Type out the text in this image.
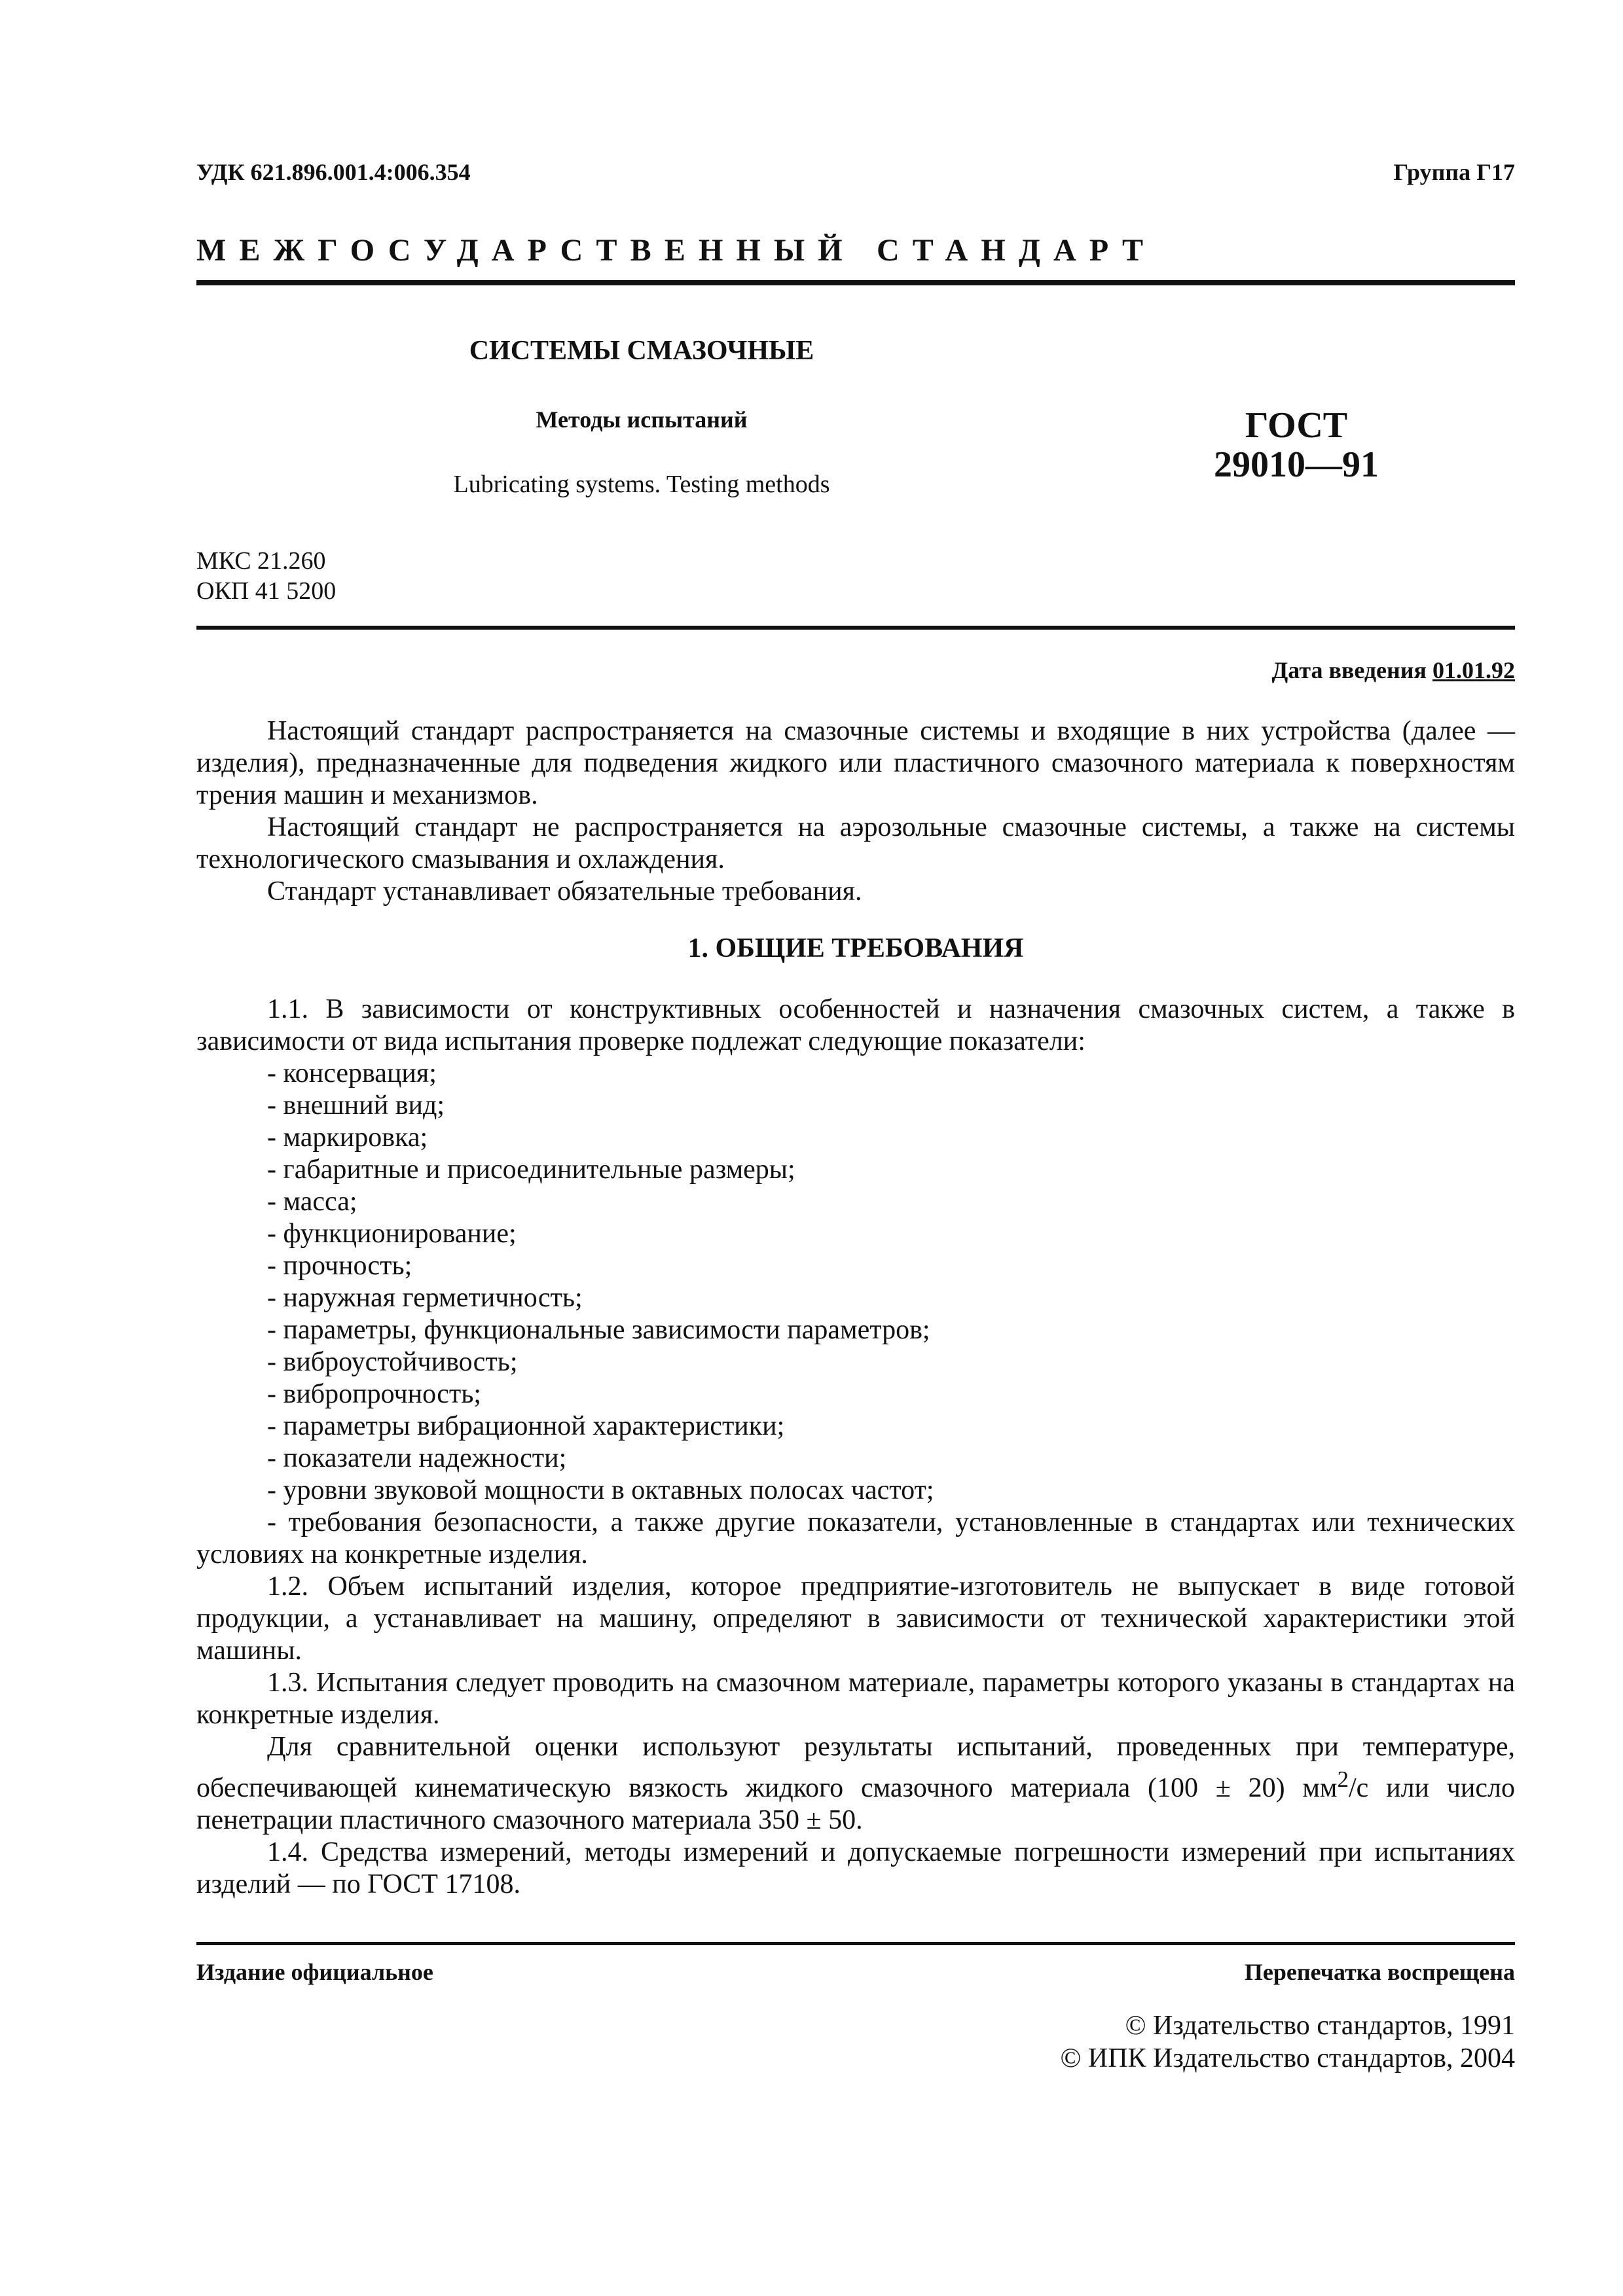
УДК 621.896.001.4:006.354	Группа Г17
МЕЖГОСУДАРСТВЕННЫЙ СТАНДАРТ
СИСТЕМЫ СМАЗОЧНЫЕ
Методы испытаний
Lubricating systems. Testing methods
ГОСТ
29010—91
МКС 21.260
ОКП 41 5200
Дата введения 01.01.92

Настоящий стандарт распространяется на смазочные системы и входящие в них устройства (далее — изделия), предназначенные для подведения жидкого или пластичного смазочного материала к поверхностям трения машин и механизмов.

Настоящий стандарт не распространяется на аэрозольные смазочные системы, а также на системы технологического смазывания и охлаждения.

Стандарт устанавливает обязательные требования.

1. ОБЩИЕ ТРЕБОВАНИЯ

1.1. В зависимости от конструктивных особенностей и назначения смазочных систем, а также в зависимости от вида испытания проверке подлежат следующие показатели:

- консервация;

- внешний вид;

- маркировка;

- габаритные и присоединительные размеры;

- масса;

- функционирование;

- прочность;

- наружная герметичность;

- параметры, функциональные зависимости параметров;

- виброустойчивость;

- вибропрочность;

- параметры вибрационной характеристики;

- показатели надежности;

- уровни звуковой мощности в октавных полосах частот;

- требования безопасности, а также другие показатели, установленные в стандартах или технических условиях на конкретные изделия.

1.2. Объем испытаний изделия, которое предприятие-изготовитель не выпускает в виде готовой продукции, а устанавливает на машину, определяют в зависимости от технической характеристики этой машины.

1.3. Испытания следует проводить на смазочном материале, параметры которого указаны в стандартах на конкретные изделия.

Для сравнительной оценки используют результаты испытаний, проведенных при температуре, обеспечивающей кинематическую вязкость жидкого смазочного материала (100 ± 20) $мм^2/с$ или число пенетрации пластичного смазочного материала 350 ± 50.

1.4. Средства измерений, методы измерений и допускаемые погрешности измерений при испытаниях изделий — по ГОСТ 17108.

Издание официальное	Перепечатка воспрещена
© Издательство стандартов, 1991
© ИПК Издательство стандартов, 2004
